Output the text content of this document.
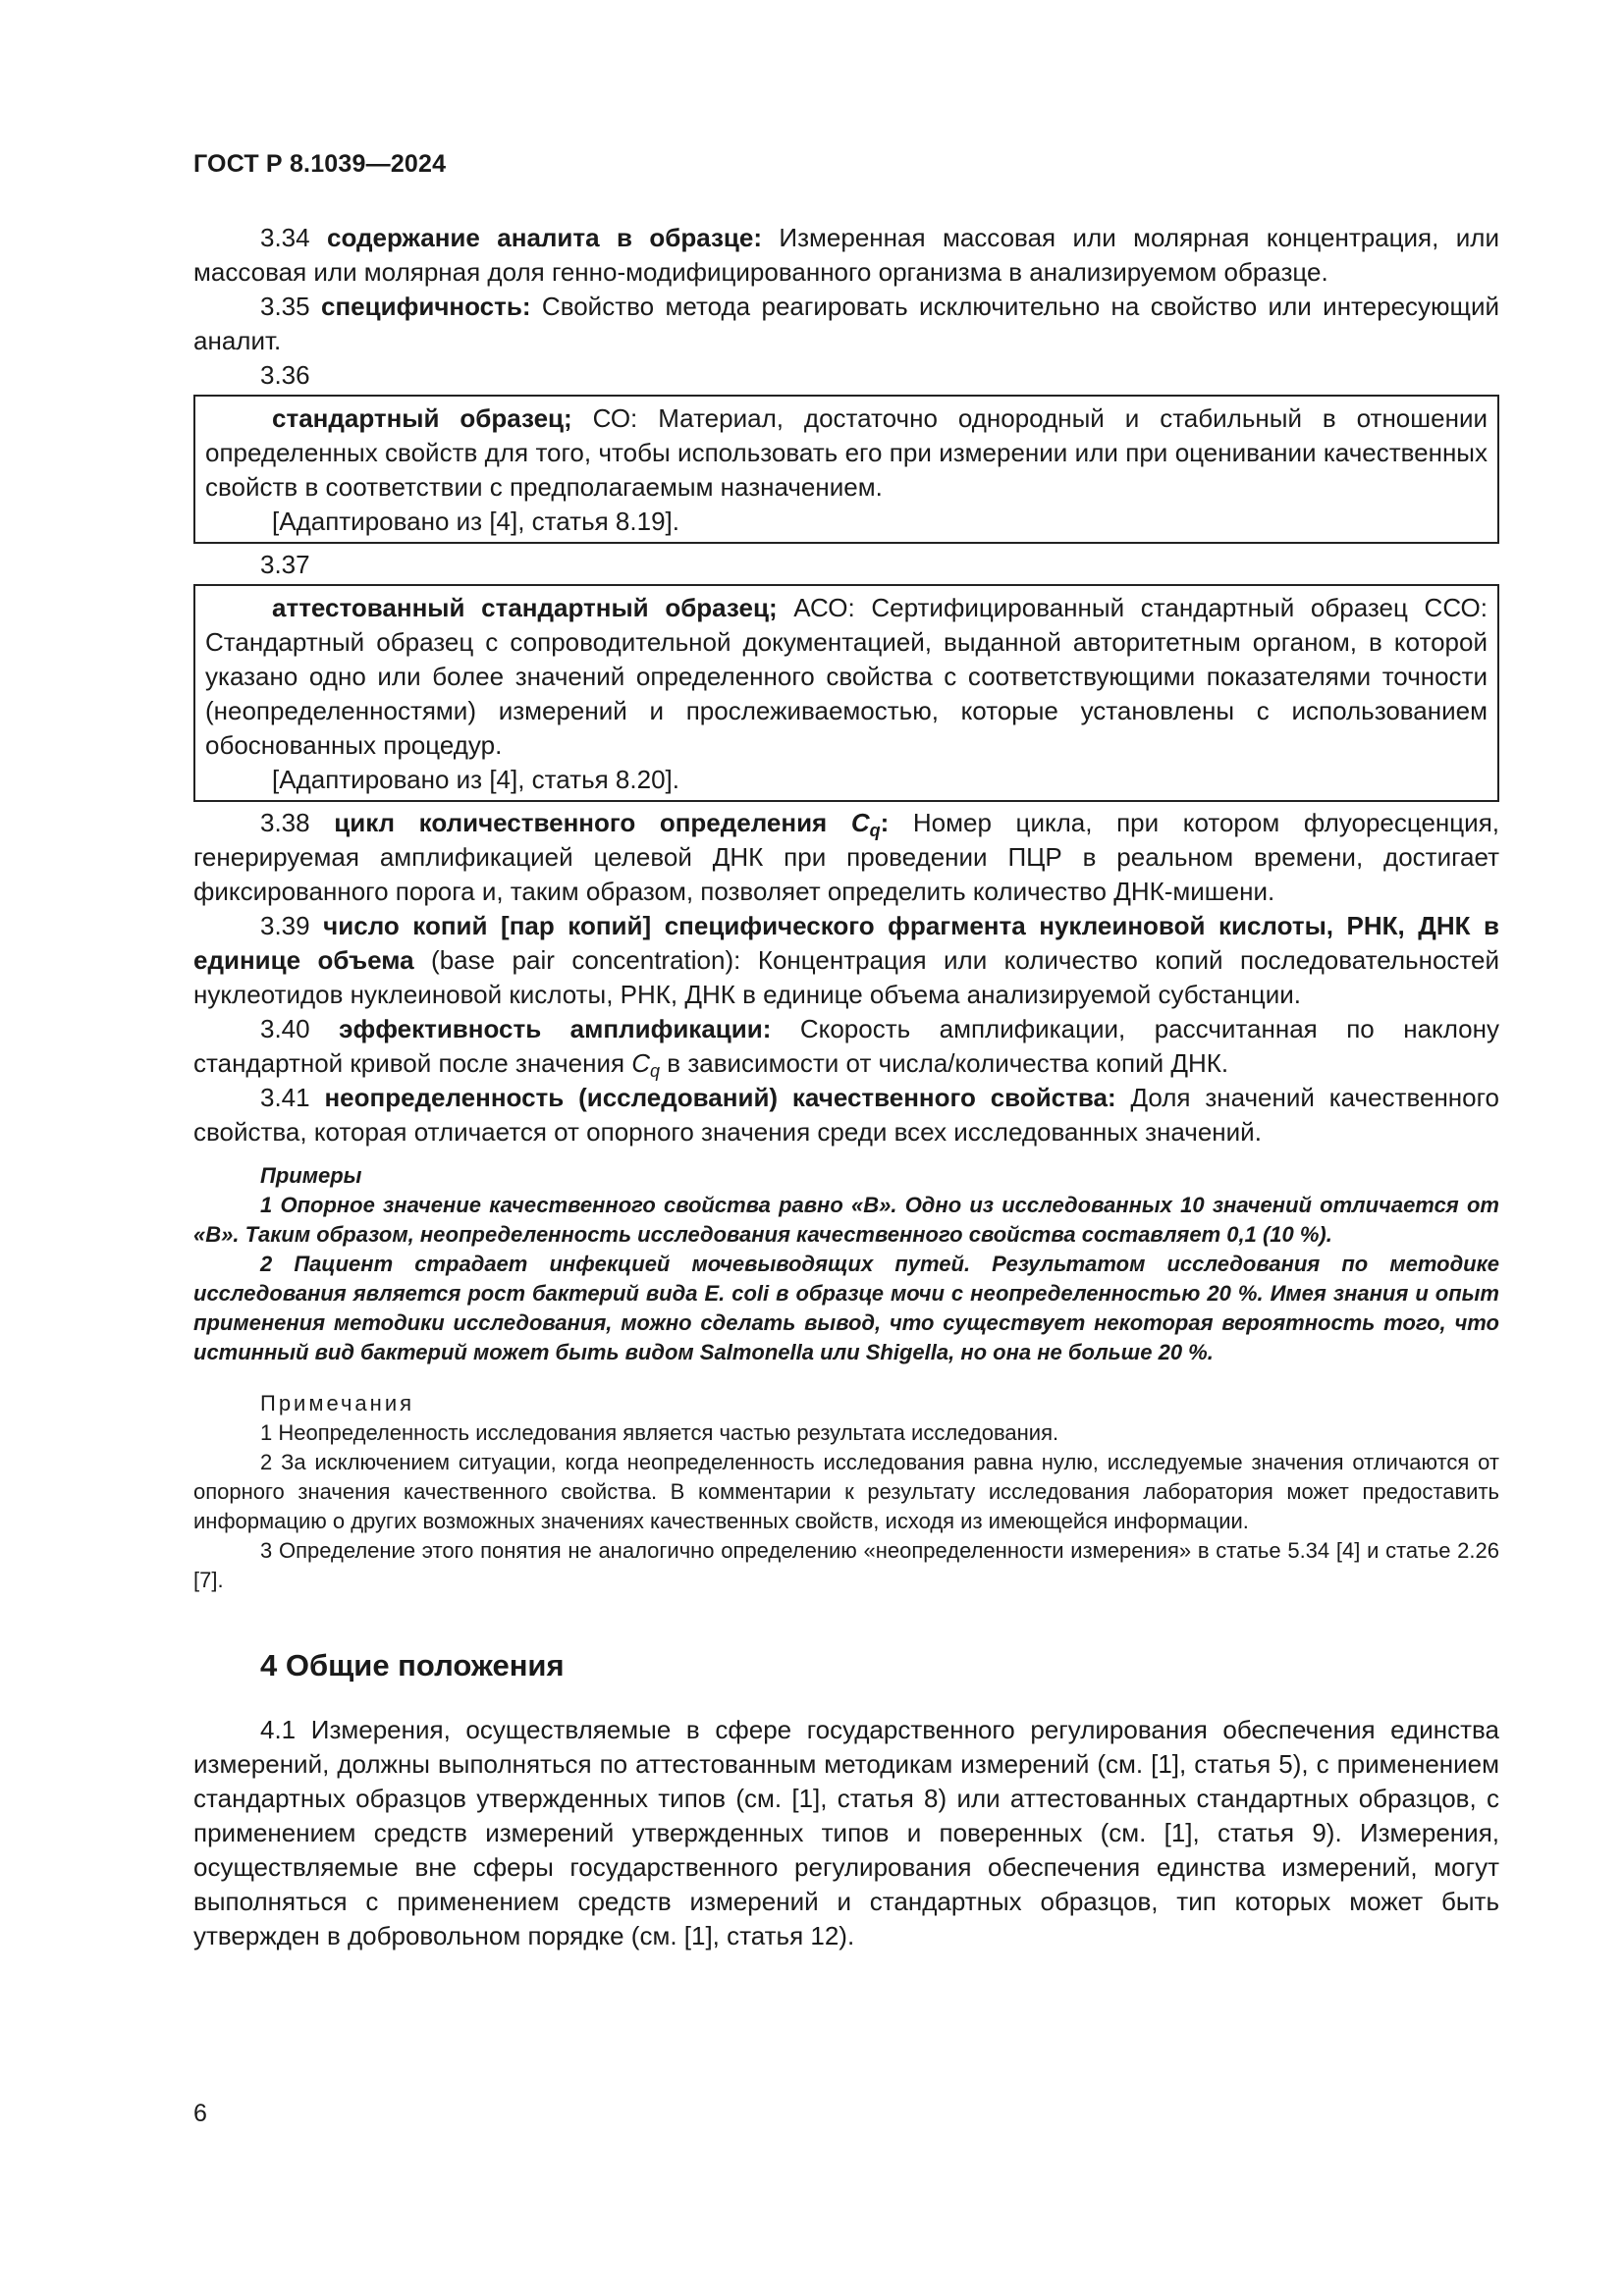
ГОСТ Р 8.1039—2024

3.34 содержание аналита в образце: Измеренная массовая или молярная концентрация, или массовая или молярная доля генно-модифицированного организма в анализируемом образце.

3.35 специфичность: Свойство метода реагировать исключительно на свойство или интересующий аналит.

3.36

стандартный образец; СО: Материал, достаточно однородный и стабильный в отношении определенных свойств для того, чтобы использовать его при измерении или при оценивании качественных свойств в соответствии с предполагаемым назначением.

[Адаптировано из [4], статья 8.19].

3.37

аттестованный стандартный образец; АСО: Сертифицированный стандартный образец ССО: Стандартный образец с сопроводительной документацией, выданной авторитетным органом, в которой указано одно или более значений определенного свойства с соответствующими показателями точности (неопределенностями) измерений и прослеживаемостью, которые установлены с использованием обоснованных процедур.

[Адаптировано из [4], статья 8.20].

3.38 цикл количественного определения $C_q$: Номер цикла, при котором флуоресценция, генерируемая амплификацией целевой ДНК при проведении ПЦР в реальном времени, достигает фиксированного порога и, таким образом, позволяет определить количество ДНК-мишени.

3.39 число копий [пар копий] специфического фрагмента нуклеиновой кислоты, РНК, ДНК в единице объема (base pair concentration): Концентрация или количество копий последовательностей нуклеотидов нуклеиновой кислоты, РНК, ДНК в единице объема анализируемой субстанции.

3.40 эффективность амплификации: Скорость амплификации, рассчитанная по наклону стандартной кривой после значения $C_q$ в зависимости от числа/количества копий ДНК.

3.41 неопределенность (исследований) качественного свойства: Доля значений качественного свойства, которая отличается от опорного значения среди всех исследованных значений.

Примеры

1 Опорное значение качественного свойства равно «В». Одно из исследованных 10 значений отличается от «В». Таким образом, неопределенность исследования качественного свойства составляет 0,1 (10 %).

2 Пациент страдает инфекцией мочевыводящих путей. Результатом исследования по методике исследования является рост бактерий вида E. coli в образце мочи с неопределенностью 20 %. Имея знания и опыт применения методики исследования, можно сделать вывод, что существует некоторая вероятность того, что истинный вид бактерий может быть видом Salmonella или Shigella, но она не больше 20 %.

Примечания

1 Неопределенность исследования является частью результата исследования.

2 За исключением ситуации, когда неопределенность исследования равна нулю, исследуемые значения отличаются от опорного значения качественного свойства. В комментарии к результату исследования лаборатория может предоставить информацию о других возможных значениях качественных свойств, исходя из имеющейся информации.

3 Определение этого понятия не аналогично определению «неопределенности измерения» в статье 5.34 [4] и статье 2.26 [7].

4 Общие положения

4.1 Измерения, осуществляемые в сфере государственного регулирования обеспечения единства измерений, должны выполняться по аттестованным методикам измерений (см. [1], статья 5), с применением стандартных образцов утвержденных типов (см. [1], статья 8) или аттестованных стандартных образцов, с применением средств измерений утвержденных типов и поверенных (см. [1], статья 9). Измерения, осуществляемые вне сферы государственного регулирования обеспечения единства измерений, могут выполняться с применением средств измерений и стандартных образцов, тип которых может быть утвержден в добровольном порядке (см. [1], статья 12).

6
